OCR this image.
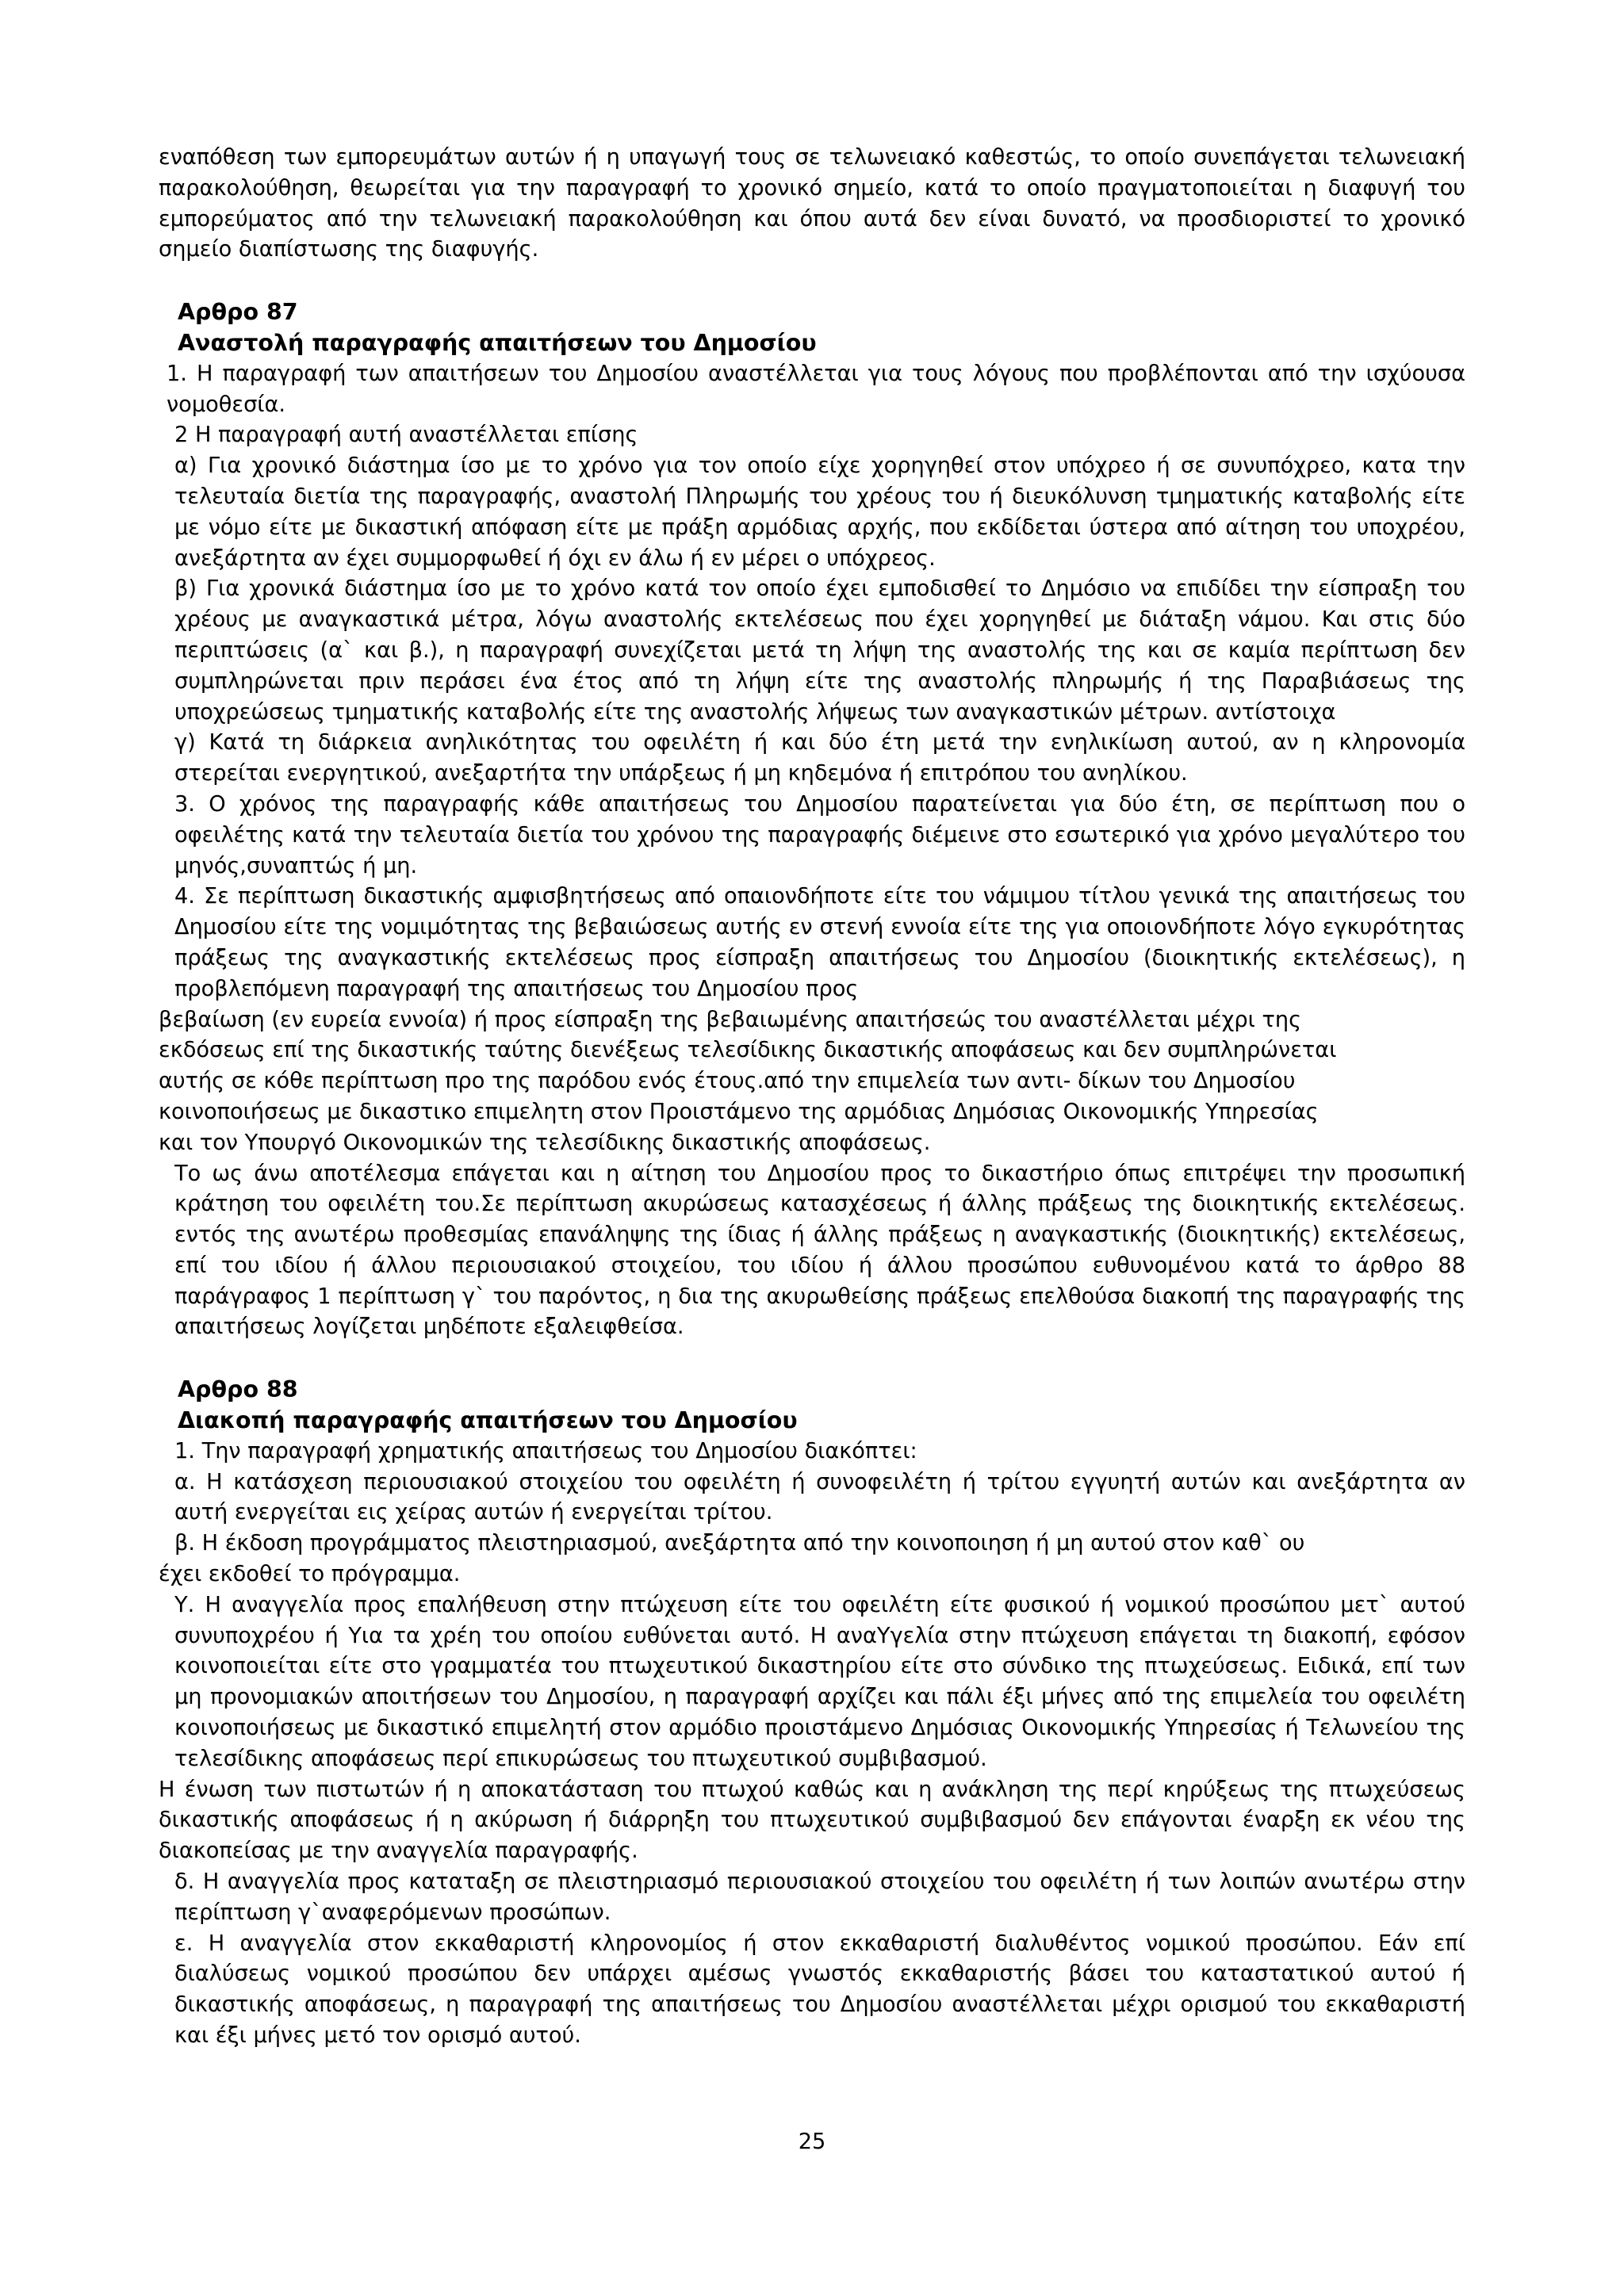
εναπόθεση των εμπορευμάτων αυτών ή η υπαγωγή τους σε τελωνειακό καθεστώς, το οποίο συνεπάγεται τελωνειακή παρακολούθηση, θεωρείται για την παραγραφή το χρονικό σημείο, κατά το οποίο πραγματοποιείται η διαφυγή του εμπορεύματος από την τελωνειακή παρακολούθηση και όπου αυτά δεν είναι δυνατό, να προσδιοριστεί το χρονικό σημείο διαπίστωσης της διαφυγής.

Αρθρο 87

Αναστολή παραγραφής απαιτήσεων του Δημοσίου

1. Η παραγραφή των απαιτήσεων του Δημοσίου αναστέλλεται για τους λόγους που προβλέπονται από την ισχύουσα νομοθεσία.

2 Η παραγραφή αυτή αναστέλλεται επίσης

α) Για χρονικό διάστημα ίσο με το χρόνο για τον οποίο είχε χορηγηθεί στον υπόχρεο ή σε συνυπόχρεο, κατα την τελευταία διετία της παραγραφής, αναστολή Πληρωμής του χρέους του ή διευκόλυνση τμηματικής καταβολής είτε με νόμο είτε με δικαστική απόφαση είτε με πράξη αρμόδιας αρχής, που εκδίδεται ύστερα από αίτηση του υποχρέου, ανεξάρτητα αν έχει συμμορφωθεί ή όχι εν άλω ή εν μέρει ο υπόχρεος.

β) Για χρονικά διάστημα ίσο με το χρόνο κατά τον οποίο έχει εμποδισθεί το Δημόσιο να επιδίδει την είσπραξη του χρέους με αναγκαστικά μέτρα, λόγω αναστολής εκτελέσεως που έχει χορηγηθεί με διάταξη νάμου. Και στις δύο περιπτώσεις (α` και β.), η παραγραφή συνεχίζεται μετά τη λήψη της αναστολής της και σε καμία περίπτωση δεν συμπληρώνεται πριν περάσει ένα έτος από τη λήψη είτε της αναστολής πληρωμής ή της Παραβιάσεως της υποχρεώσεως τμηματικής καταβολής είτε της αναστολής λήψεως των αναγκαστικών μέτρων. αντίστοιχα

γ) Κατά τη διάρκεια ανηλικότητας του οφειλέτη ή και δύο έτη μετά την ενηλικίωση αυτού, αν η κληρονομία στερείται ενεργητικού, ανεξαρτήτα την υπάρξεως ή μη κηδεμόνα ή επιτρόπου του ανηλίκου.

3. Ο χρόνος της παραγραφής κάθε απαιτήσεως του Δημοσίου παρατείνεται για δύο έτη, σε περίπτωση που ο οφειλέτης κατά την τελευταία διετία του χρόνου της παραγραφής διέμεινε στο εσωτερικό για χρόνο μεγαλύτερο του μηνός,συναπτώς ή μη.

4. Σε περίπτωση δικαστικής αμφισβητήσεως από οπαιονδήποτε είτε του νάμιμου τίτλου γενικά της απαιτήσεως του Δημοσίου είτε της νομιμότητας της βεβαιώσεως αυτής εν στενή εννοία είτε της για οποιονδήποτε λόγο εγκυρότητας πράξεως της αναγκαστικής εκτελέσεως προς είσπραξη απαιτήσεως του Δημοσίου (διοικητικής εκτελέσεως), η προβλεπόμενη παραγραφή της απαιτήσεως του Δημοσίου προς

βεβαίωση (εν ευρεία εννοία) ή προς είσπραξη της βεβαιωμένης απαιτήσεώς του αναστέλλεται μέχρι της

εκδόσεως επί της δικαστικής ταύτης διενέξεως τελεσίδικης δικαστικής αποφάσεως και δεν συμπληρώνεται

αυτής σε κόθε περίπτωση προ της παρόδου ενός έτους.από την επιμελεία των αντι- δίκων του Δημοσίου

κοινοποιήσεως με δικαστικο επιμελητη στον Προιστάμενο της αρμόδιας Δημόσιας Οικονομικής Υπηρεσίας

και τον Υπουργό Οικονομικών της τελεσίδικης δικαστικής αποφάσεως.

Το ως άνω αποτέλεσμα επάγεται και η αίτηση του Δημοσίου προς το δικαστήριο όπως επιτρέψει την προσωπική κράτηση του οφειλέτη του.Σε περίπτωση ακυρώσεως κατασχέσεως ή άλλης πράξεως της διοικητικής εκτελέσεως. εντός της ανωτέρω προθεσμίας επανάληψης της ίδιας ή άλλης πράξεως η αναγκαστικής (διοικητικής) εκτελέσεως, επί του ιδίου ή άλλου περιουσιακού στοιχείου, του ιδίου ή άλλου προσώπου ευθυνομένου κατά το άρθρο 88 παράγραφος 1 περίπτωση γ` του παρόντος, η δια της ακυρωθείσης πράξεως επελθούσα διακοπή της παραγραφής της απαιτήσεως λογίζεται μηδέποτε εξαλειφθείσα.

Αρθρο 88

Διακοπή παραγραφής απαιτήσεων του Δημοσίου

1. Την παραγραφή χρηματικής απαιτήσεως του Δημοσίου διακόπτει:

α. Η κατάσχεση περιουσιακού στοιχείου του οφειλέτη ή συνοφειλέτη ή τρίτου εγγυητή αυτών και ανεξάρτητα αν αυτή ενεργείται εις χείρας αυτών ή ενεργείται τρίτου.

β. Η έκδοση προγράμματος πλειστηριασμού, ανεξάρτητα από την κοινοποιηση ή μη αυτού στον καθ` ου

έχει εκδοθεί το πρόγραμμα.

Υ. Η αναγγελία προς επαλήθευση στην πτώχευση είτε του οφειλέτη είτε φυσικού ή νομικού προσώπου μετ` αυτού συνυποχρέου ή Υια τα χρέη του οποίου ευθύνεται αυτό. Η αναΥγελία στην πτώχευση επάγεται τη διακοπή, εφόσον κοινοποιείται είτε στο γραμματέα του πτωχευτικού δικαστηρίου είτε στο σύνδικο της πτωχεύσεως. Ειδικά, επί των μη προνομιακών αποιτήσεων του Δημοσίου, η παραγραφή αρχίζει και πάλι έξι μήνες από της επιμελεία του οφειλέτη κοινοποιήσεως με δικαστικό επιμελητή στον αρμόδιο προιστάμενο Δημόσιας Οικονομικής Υπηρεσίας ή Τελωνείου της τελεσίδικης αποφάσεως περί επικυρώσεως του πτωχευτικού συμβιβασμού.

Η ένωση των πιστωτών ή η αποκατάσταση του πτωχού καθώς και η ανάκληση της περί κηρύξεως της πτωχεύσεως δικαστικής αποφάσεως ή η ακύρωση ή διάρρηξη του πτωχευτικού συμβιβασμού δεν επάγονται έναρξη εκ νέου της διακοπείσας με την αναγγελία παραγραφής.

δ. Η αναγγελία προς καταταξη σε πλειστηριασμό περιουσιακού στοιχείου του οφειλέτη ή των λοιπών ανωτέρω στην περίπτωση γ`αναφερόμενων προσώπων.

ε. Η αναγγελία στον εκκαθαριστή κληρονομίος ή στον εκκαθαριστή διαλυθέντος νομικού προσώπου. Εάν επί διαλύσεως νομικού προσώπου δεν υπάρχει αμέσως γνωστός εκκαθαριστής βάσει του καταστατικού αυτού ή δικαστικής αποφάσεως, η παραγραφή της απαιτήσεως του Δημοσίου αναστέλλεται μέχρι ορισμού του εκκαθαριστή και έξι μήνες μετό τον ορισμό αυτού.

25
